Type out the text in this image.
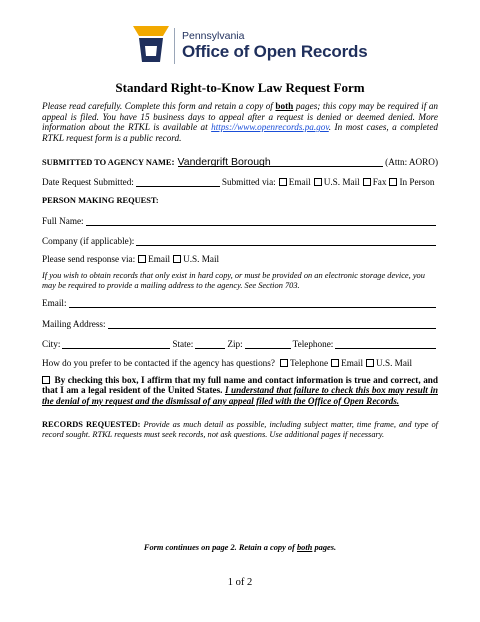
Pennsylvania
Office of Open Records
Standard Right-to-Know Law Request Form
Please read carefully. Complete this form and retain a copy of both pages; this copy may be required if an appeal is filed. You have 15 business days to appeal after a request is denied or deemed denied. More information about the RTKL is available at https://www.openrecords.pa.gov. In most cases, a completed RTKL request form is a public record.
SUBMITTED TO AGENCY NAME : Vandergrift Borough	(Attn: AORO)
Date Request Submitted:	Submitted via: Email U.S. Mail Fax In Person
PERSON MAKING REQUEST:
Full Name:
Company (if applicable):
Please send response via: Email U.S. Mail
If you wish to obtain records that only exist in hard copy, or must be provided on an electronic storage device, you may be required to provide a mailing address to the agency. See Section 703.
Email:
Mailing Address:
City:	State:	Zip:	Telephone:
How do you prefer to be contacted if the agency has questions? Telephone Email U.S. Mail
By checking this box, I affirm that my full name and contact information is true and correct, and that I am a legal resident of the United States. I understand that failure to check this box may result in the denial of my request and the dismissal of any appeal filed with the Office of Open Records.
RECORDS REQUESTED: Provide as much detail as possible, including subject matter, time frame, and type of record sought. RTKL requests must seek records, not ask questions. Use additional pages if necessary.
Form continues on page 2. Retain a copy of both pages.
1 of 2
